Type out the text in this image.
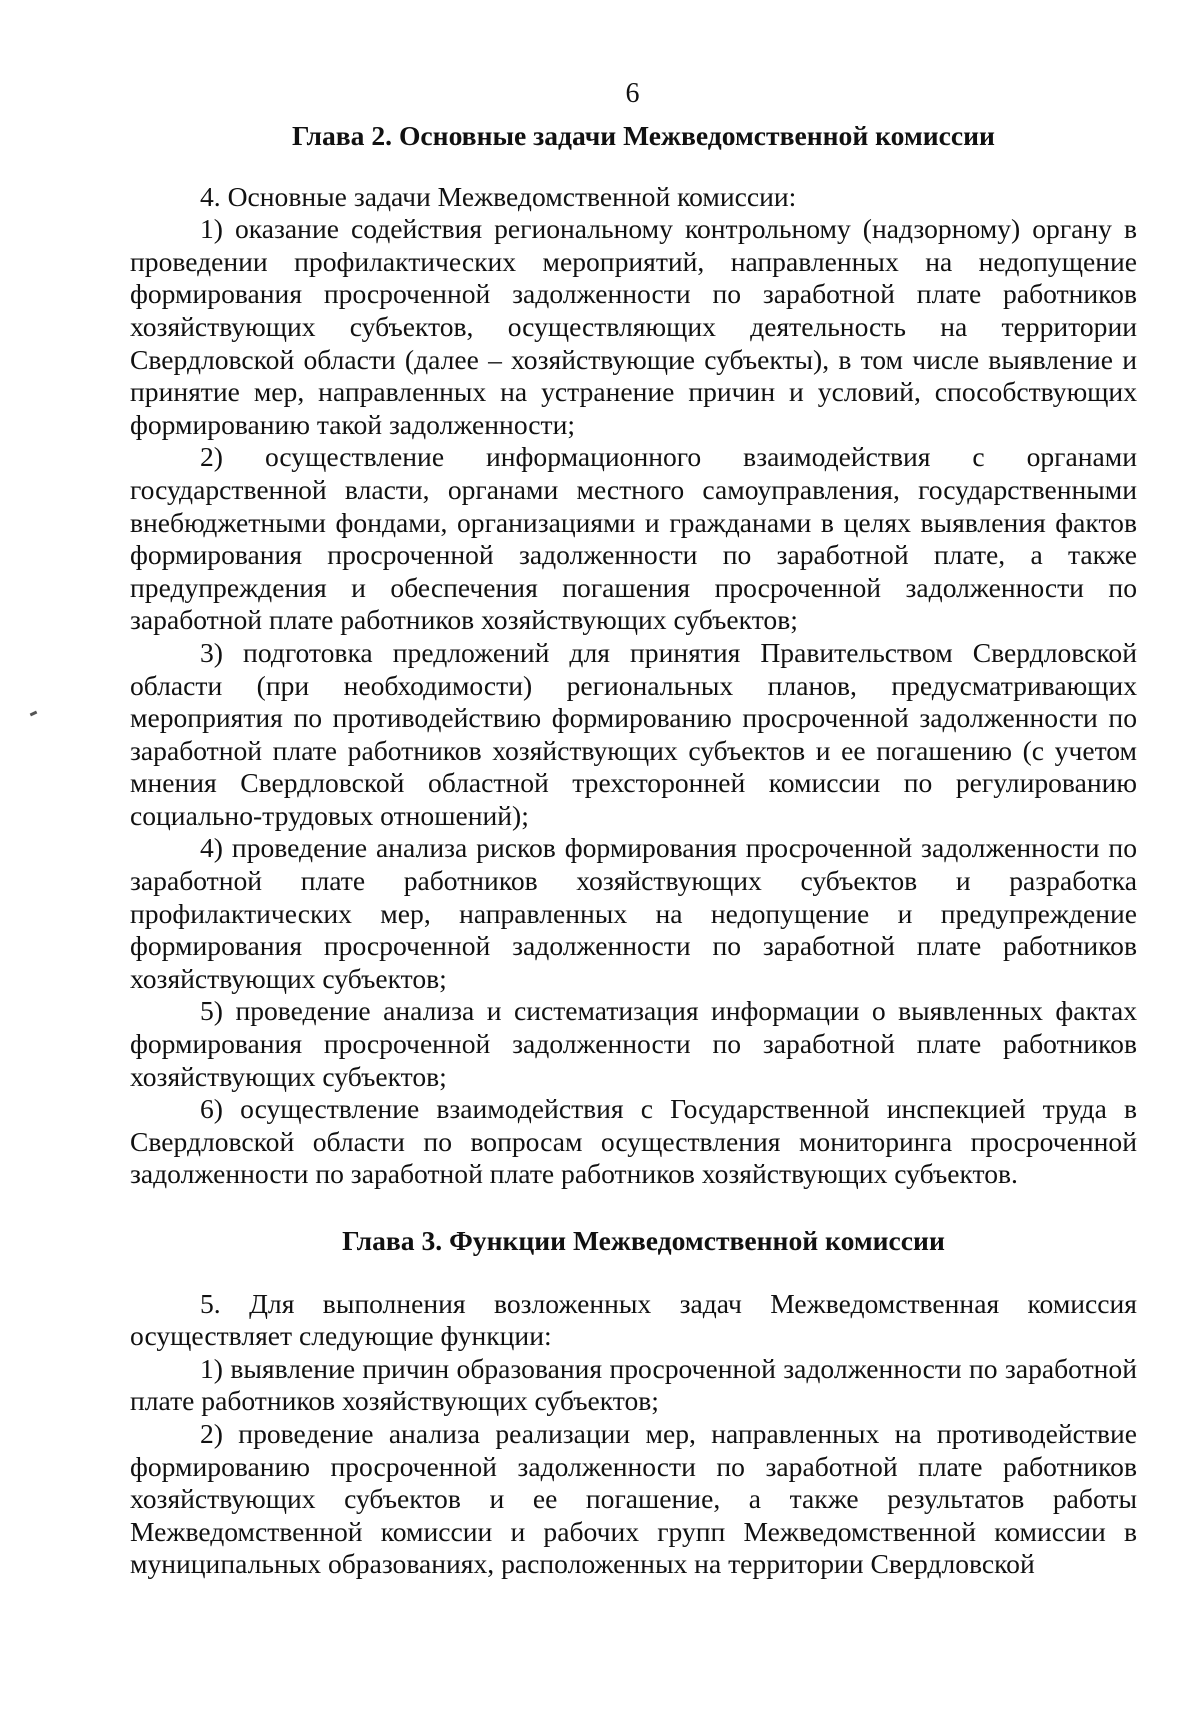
6

Глава 2. Основные задачи Межведомственной комиссии

4. Основные задачи Межведомственной комиссии:

1) оказание содействия региональному контрольному (надзорному) органу в проведении профилактических мероприятий, направленных на недопущение формирования просроченной задолженности по заработной плате работников хозяйствующих субъектов, осуществляющих деятельность на территории Свердловской области (далее – хозяйствующие субъекты), в том числе выявление и принятие мер, направленных на устранение причин и условий, способствующих формированию такой задолженности;

2) осуществление информационного взаимодействия с органами государственной власти, органами местного самоуправления, государственными внебюджетными фондами, организациями и гражданами в целях выявления фактов формирования просроченной задолженности по заработной плате, а также предупреждения и обеспечения погашения просроченной задолженности по заработной плате работников хозяйствующих субъектов;

3) подготовка предложений для принятия Правительством Свердловской области (при необходимости) региональных планов, предусматривающих мероприятия по противодействию формированию просроченной задолженности по заработной плате работников хозяйствующих субъектов и ее погашению (с учетом мнения Свердловской областной трехсторонней комиссии по регулированию социально-трудовых отношений);

4) проведение анализа рисков формирования просроченной задолженности по заработной плате работников хозяйствующих субъектов и разработка профилактических мер, направленных на недопущение и предупреждение формирования просроченной задолженности по заработной плате работников хозяйствующих субъектов;

5) проведение анализа и систематизация информации о выявленных фактах формирования просроченной задолженности по заработной плате работников хозяйствующих субъектов;

6) осуществление взаимодействия с Государственной инспекцией труда в Свердловской области по вопросам осуществления мониторинга просроченной задолженности по заработной плате работников хозяйствующих субъектов.

Глава 3. Функции Межведомственной комиссии

5. Для выполнения возложенных задач Межведомственная комиссия осуществляет следующие функции:

1) выявление причин образования просроченной задолженности по заработной плате работников хозяйствующих субъектов;

2) проведение анализа реализации мер, направленных на противодействие формированию просроченной задолженности по заработной плате работников хозяйствующих субъектов и ее погашение, а также результатов работы Межведомственной комиссии и рабочих групп Межведомственной комиссии в муниципальных образованиях, расположенных на территории Свердловской
